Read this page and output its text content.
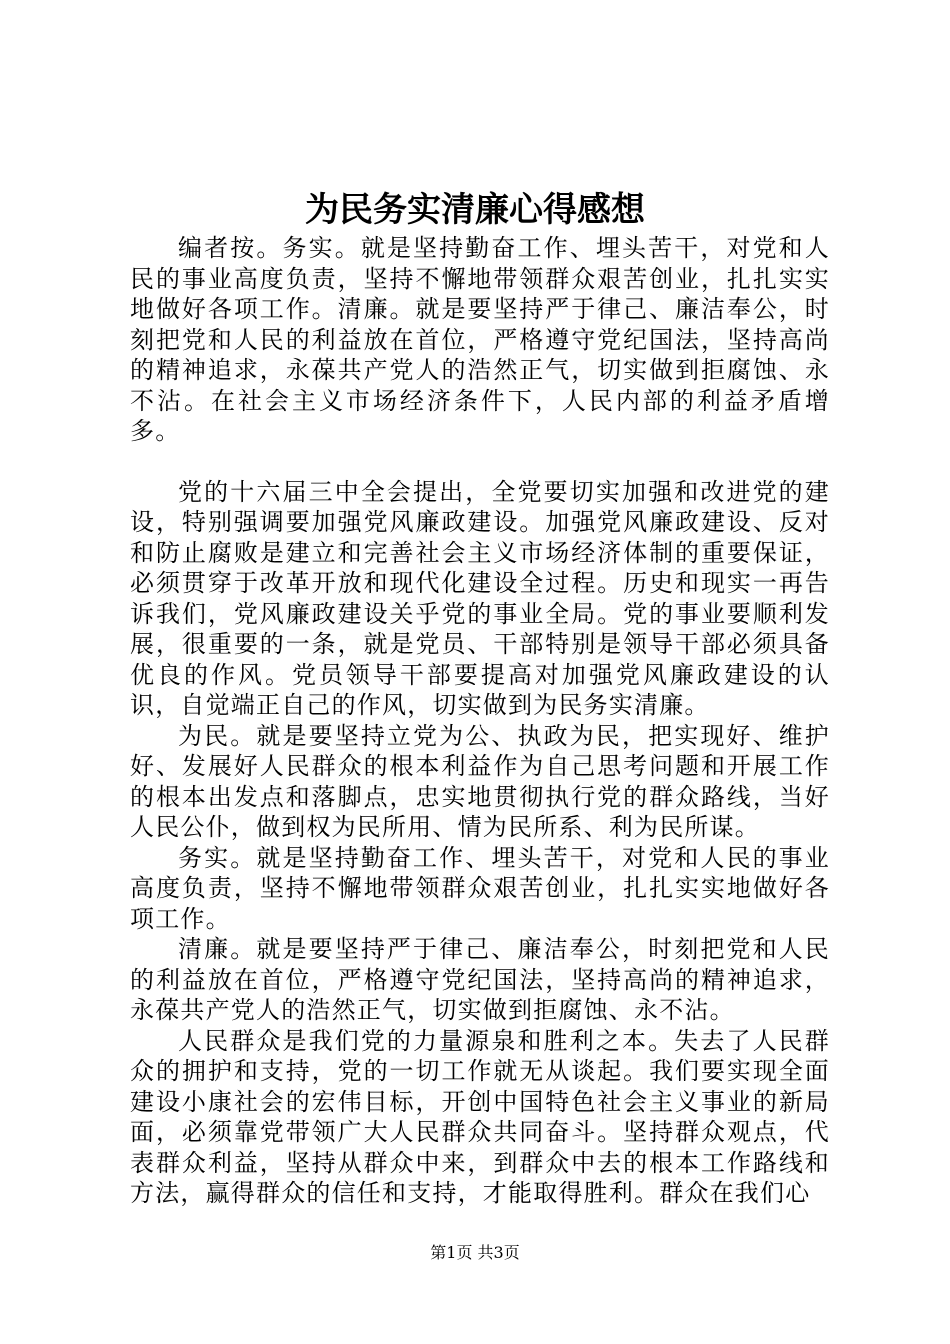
为民务实清廉心得感想

编者按。务实。就是坚持勤奋工作、埋头苦干，对党和人民的事业高度负责，坚持不懈地带领群众艰苦创业，扎扎实实地做好各项工作。清廉。就是要坚持严于律己、廉洁奉公，时刻把党和人民的利益放在首位，严格遵守党纪国法，坚持高尚的精神追求，永葆共产党人的浩然正气，切实做到拒腐蚀、永不沾。在社会主义市场经济条件下，人民内部的利益矛盾增多。

党的十六届三中全会提出，全党要切实加强和改进党的建设，特别强调要加强党风廉政建设。加强党风廉政建设、反对和防止腐败是建立和完善社会主义市场经济体制的重要保证，必须贯穿于改革开放和现代化建设全过程。历史和现实一再告诉我们，党风廉政建设关乎党的事业全局。党的事业要顺利发展，很重要的一条，就是党员、干部特别是领导干部必须具备优良的作风。党员领导干部要提高对加强党风廉政建设的认识，自觉端正自己的作风，切实做到为民务实清廉。

为民。就是要坚持立党为公、执政为民，把实现好、维护好、发展好人民群众的根本利益作为自己思考问题和开展工作的根本出发点和落脚点，忠实地贯彻执行党的群众路线，当好人民公仆，做到权为民所用、情为民所系、利为民所谋。

务实。就是坚持勤奋工作、埋头苦干，对党和人民的事业高度负责，坚持不懈地带领群众艰苦创业，扎扎实实地做好各项工作。

清廉。就是要坚持严于律己、廉洁奉公，时刻把党和人民的利益放在首位，严格遵守党纪国法，坚持高尚的精神追求，永葆共产党人的浩然正气，切实做到拒腐蚀、永不沾。

人民群众是我们党的力量源泉和胜利之本。失去了人民群众的拥护和支持，党的一切工作就无从谈起。我们要实现全面建设小康社会的宏伟目标，开创中国特色社会主义事业的新局面，必须靠党带领广大人民群众共同奋斗。坚持群众观点，代表群众利益，坚持从群众中来，到群众中去的根本工作路线和方法，赢得群众的信任和支持，才能取得胜利。群众在我们心

第1页 共3页
